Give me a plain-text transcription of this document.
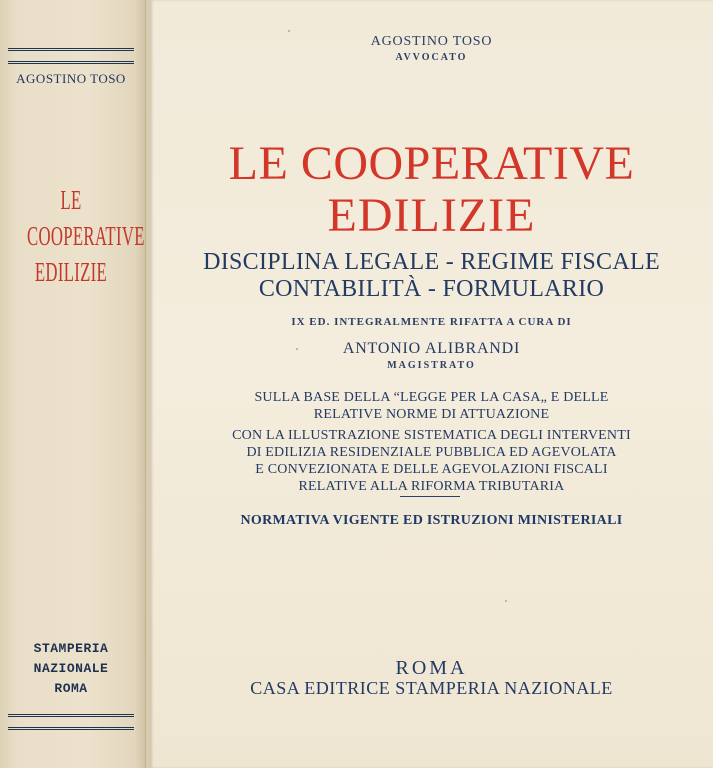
AGOSTINO TOSO
LE
COOPERATIVE
EDILIZIE
STAMPERIA
NAZIONALE
ROMA
AGOSTINO TOSO
AVVOCATO
LE COOPERATIVE
EDILIZIE
DISCIPLINA LEGALE - REGIME FISCALE
CONTABILITÀ - FORMULARIO
IX ED. INTEGRALMENTE RIFATTA A CURA DI
ANTONIO ALIBRANDI
MAGISTRATO
SULLA BASE DELLA “LEGGE PER LA CASA„ E DELLE
RELATIVE NORME DI ATTUAZIONE
CON LA ILLUSTRAZIONE SISTEMATICA DEGLI INTERVENTI
DI EDILIZIA RESIDENZIALE PUBBLICA ED AGEVOLATA
E CONVEZIONATA E DELLE AGEVOLAZIONI FISCALI
RELATIVE ALLA RIFORMA TRIBUTARIA
NORMATIVA VIGENTE ED ISTRUZIONI MINISTERIALI
ROMA
CASA EDITRICE STAMPERIA NAZIONALE
